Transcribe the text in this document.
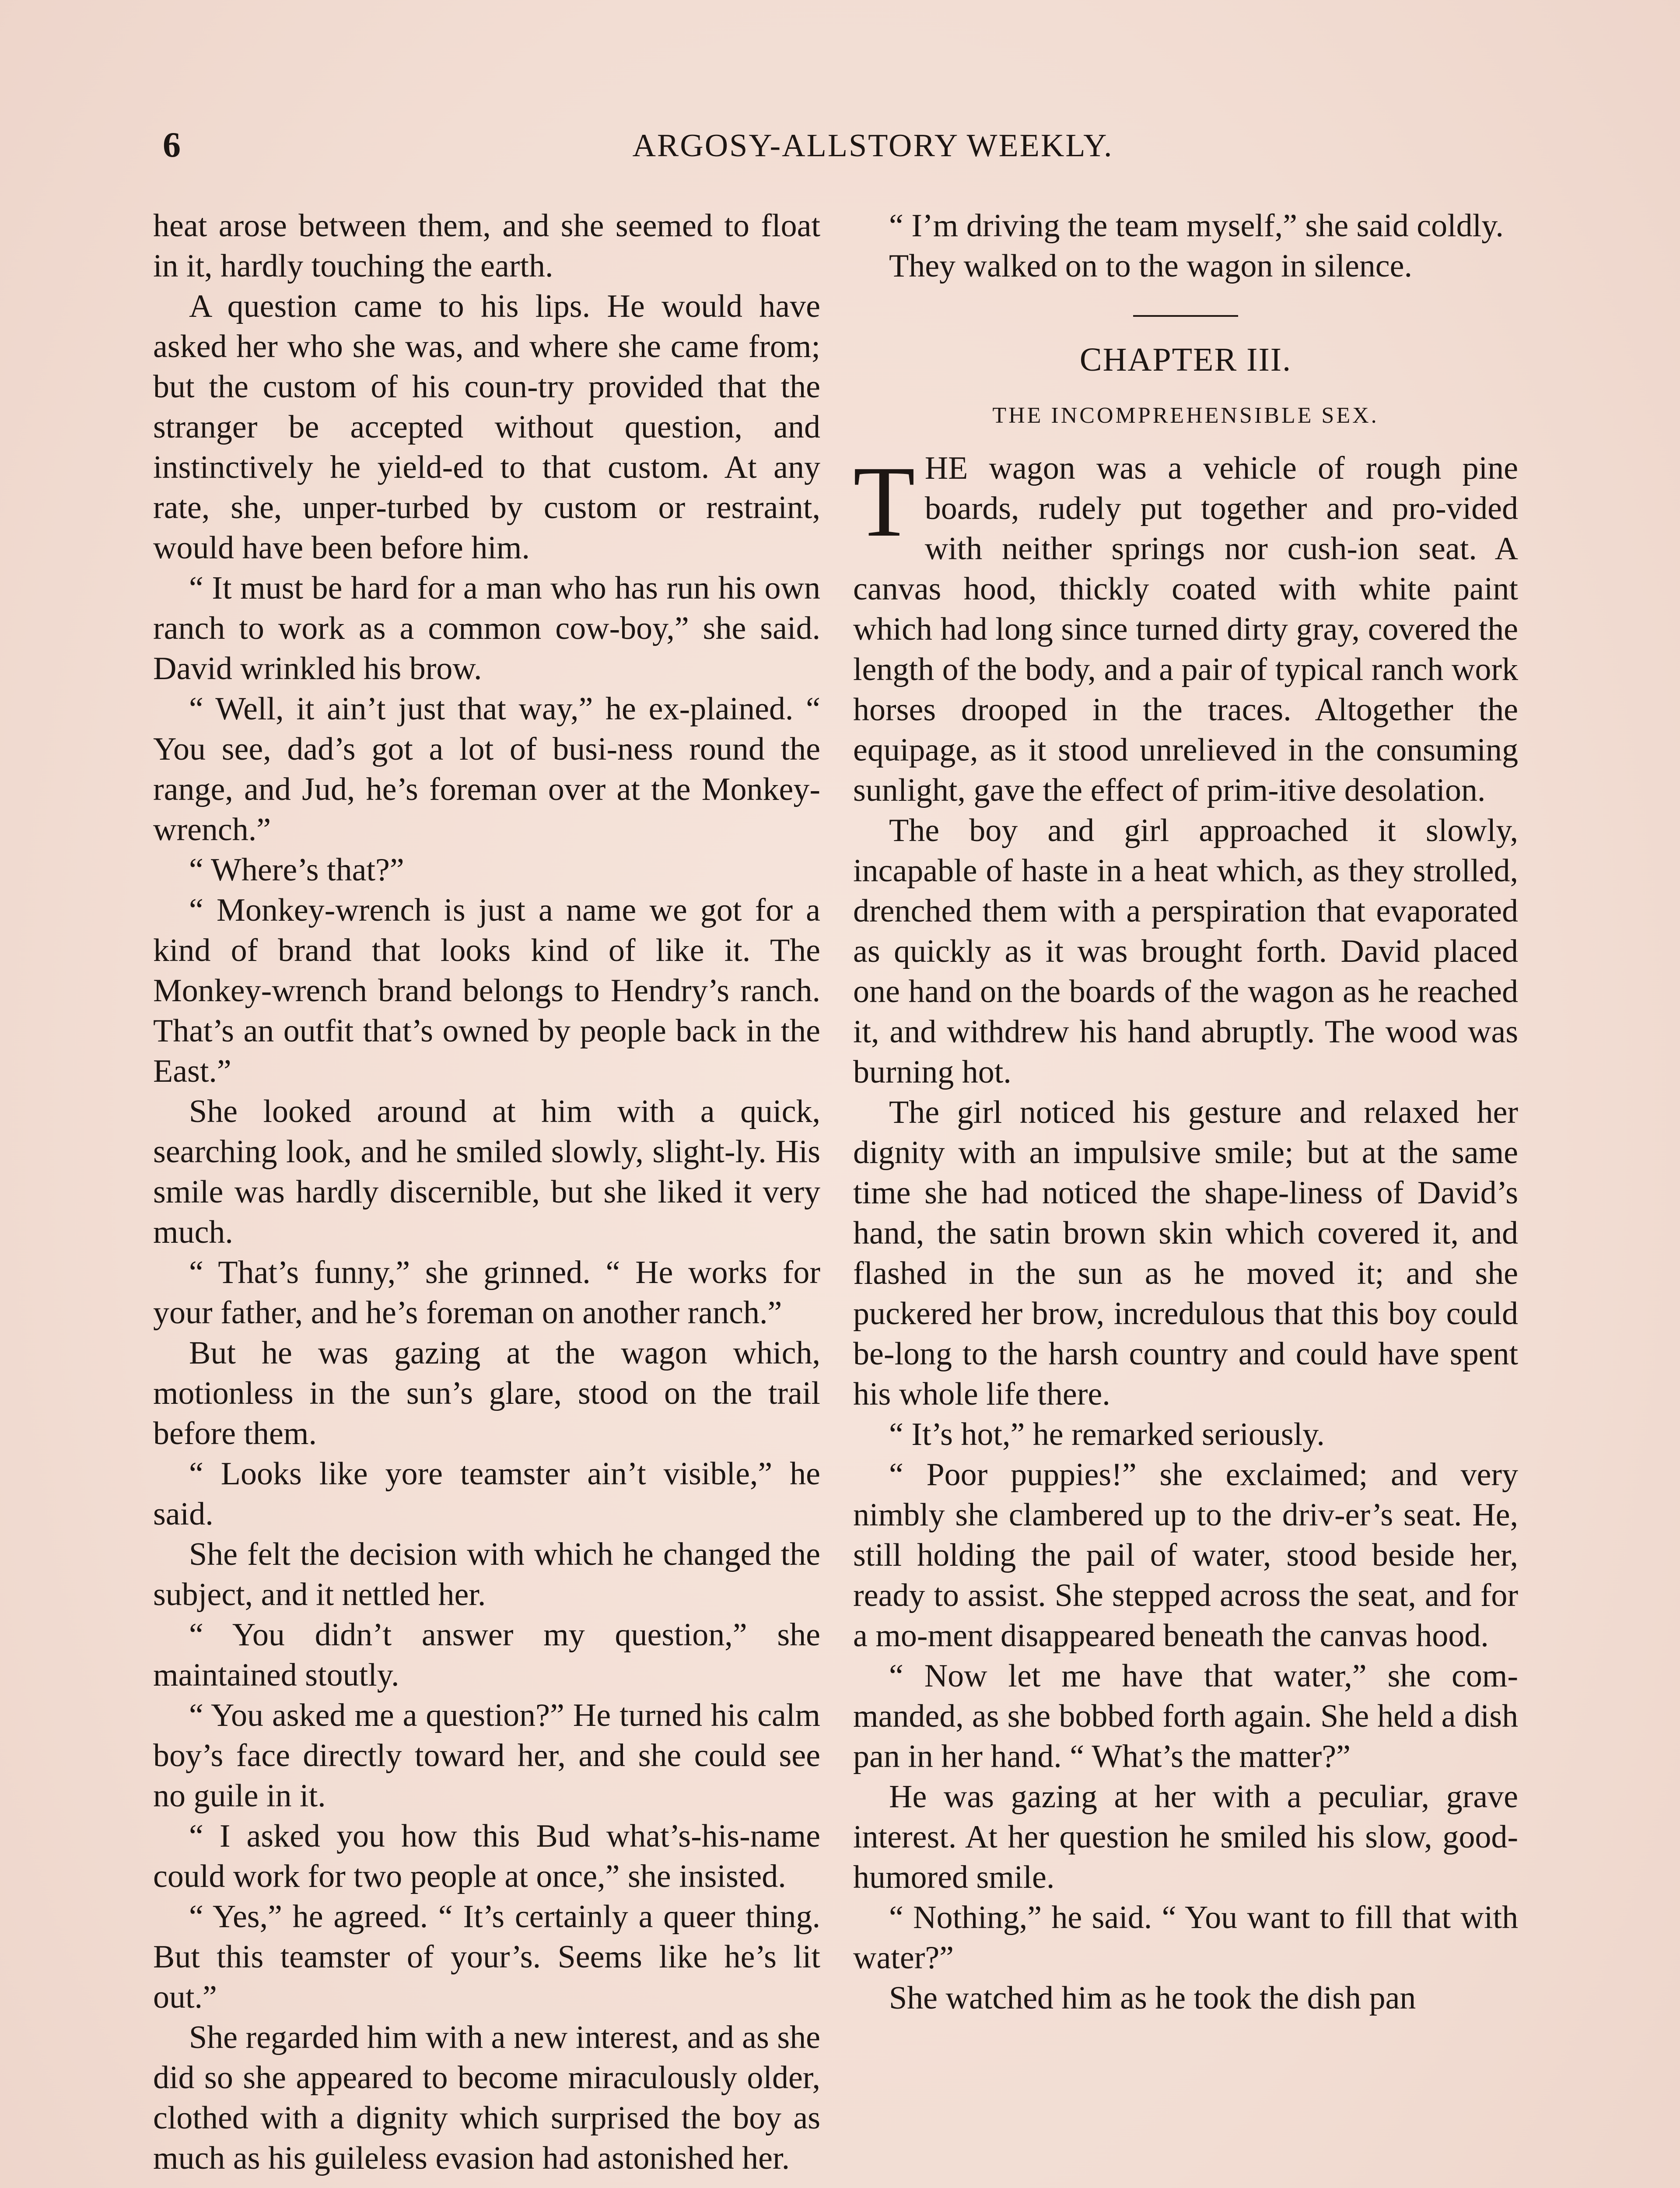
6	ARGOSY-ALLSTORY WEEKLY.

heat arose between them, and she seemed to float in it, hardly touching the earth.

A question came to his lips. He would have asked her who she was, and where she came from; but the custom of his coun-try provided that the stranger be accepted without question, and instinctively he yield-ed to that custom. At any rate, she, unper-turbed by custom or restraint, would have been before him.

“ It must be hard for a man who has run his own ranch to work as a common cow-boy,” she said. David wrinkled his brow.

“ Well, it ain’t just that way,” he ex-plained. “ You see, dad’s got a lot of busi-ness round the range, and Jud, he’s foreman over at the Monkey-wrench.”

“ Where’s that?”

“ Monkey-wrench is just a name we got for a kind of brand that looks kind of like it. The Monkey-wrench brand belongs to Hendry’s ranch. That’s an outfit that’s owned by people back in the East.”

She looked around at him with a quick, searching look, and he smiled slowly, slight-ly. His smile was hardly discernible, but she liked it very much.

“ That’s funny,” she grinned. “ He works for your father, and he’s foreman on another ranch.”

But he was gazing at the wagon which, motionless in the sun’s glare, stood on the trail before them.

“ Looks like yore teamster ain’t visible,” he said.

She felt the decision with which he changed the subject, and it nettled her.

“ You didn’t answer my question,” she maintained stoutly.

“ You asked me a question?” He turned his calm boy’s face directly toward her, and she could see no guile in it.

“ I asked you how this Bud what’s-his-name could work for two people at once,” she insisted.

“ Yes,” he agreed. “ It’s certainly a queer thing. But this teamster of your’s. Seems like he’s lit out.”

She regarded him with a new interest, and as she did so she appeared to become miraculously older, clothed with a dignity which surprised the boy as much as his guileless evasion had astonished her.

“ I’m driving the team myself,” she said coldly.

They walked on to the wagon in silence.

CHAPTER III.

THE INCOMPREHENSIBLE SEX.

THE wagon was a vehicle of rough pine boards, rudely put together and pro-vided with neither springs nor cush-ion seat. A canvas hood, thickly coated with white paint which had long since turned dirty gray, covered the length of the body, and a pair of typical ranch work horses drooped in the traces. Altogether the equipage, as it stood unrelieved in the consuming sunlight, gave the effect of prim-itive desolation.

The boy and girl approached it slowly, incapable of haste in a heat which, as they strolled, drenched them with a perspiration that evaporated as quickly as it was brought forth. David placed one hand on the boards of the wagon as he reached it, and withdrew his hand abruptly. The wood was burning hot.

The girl noticed his gesture and relaxed her dignity with an impulsive smile; but at the same time she had noticed the shape-liness of David’s hand, the satin brown skin which covered it, and flashed in the sun as he moved it; and she puckered her brow, incredulous that this boy could be-long to the harsh country and could have spent his whole life there.

“ It’s hot,” he remarked seriously.

“ Poor puppies!” she exclaimed; and very nimbly she clambered up to the driv-er’s seat. He, still holding the pail of water, stood beside her, ready to assist. She stepped across the seat, and for a mo-ment disappeared beneath the canvas hood.

“ Now let me have that water,” she com-manded, as she bobbed forth again. She held a dish pan in her hand. “ What’s the matter?”

He was gazing at her with a peculiar, grave interest. At her question he smiled his slow, good-humored smile.

“ Nothing,” he said. “ You want to fill that with water?”

She watched him as he took the dish pan
